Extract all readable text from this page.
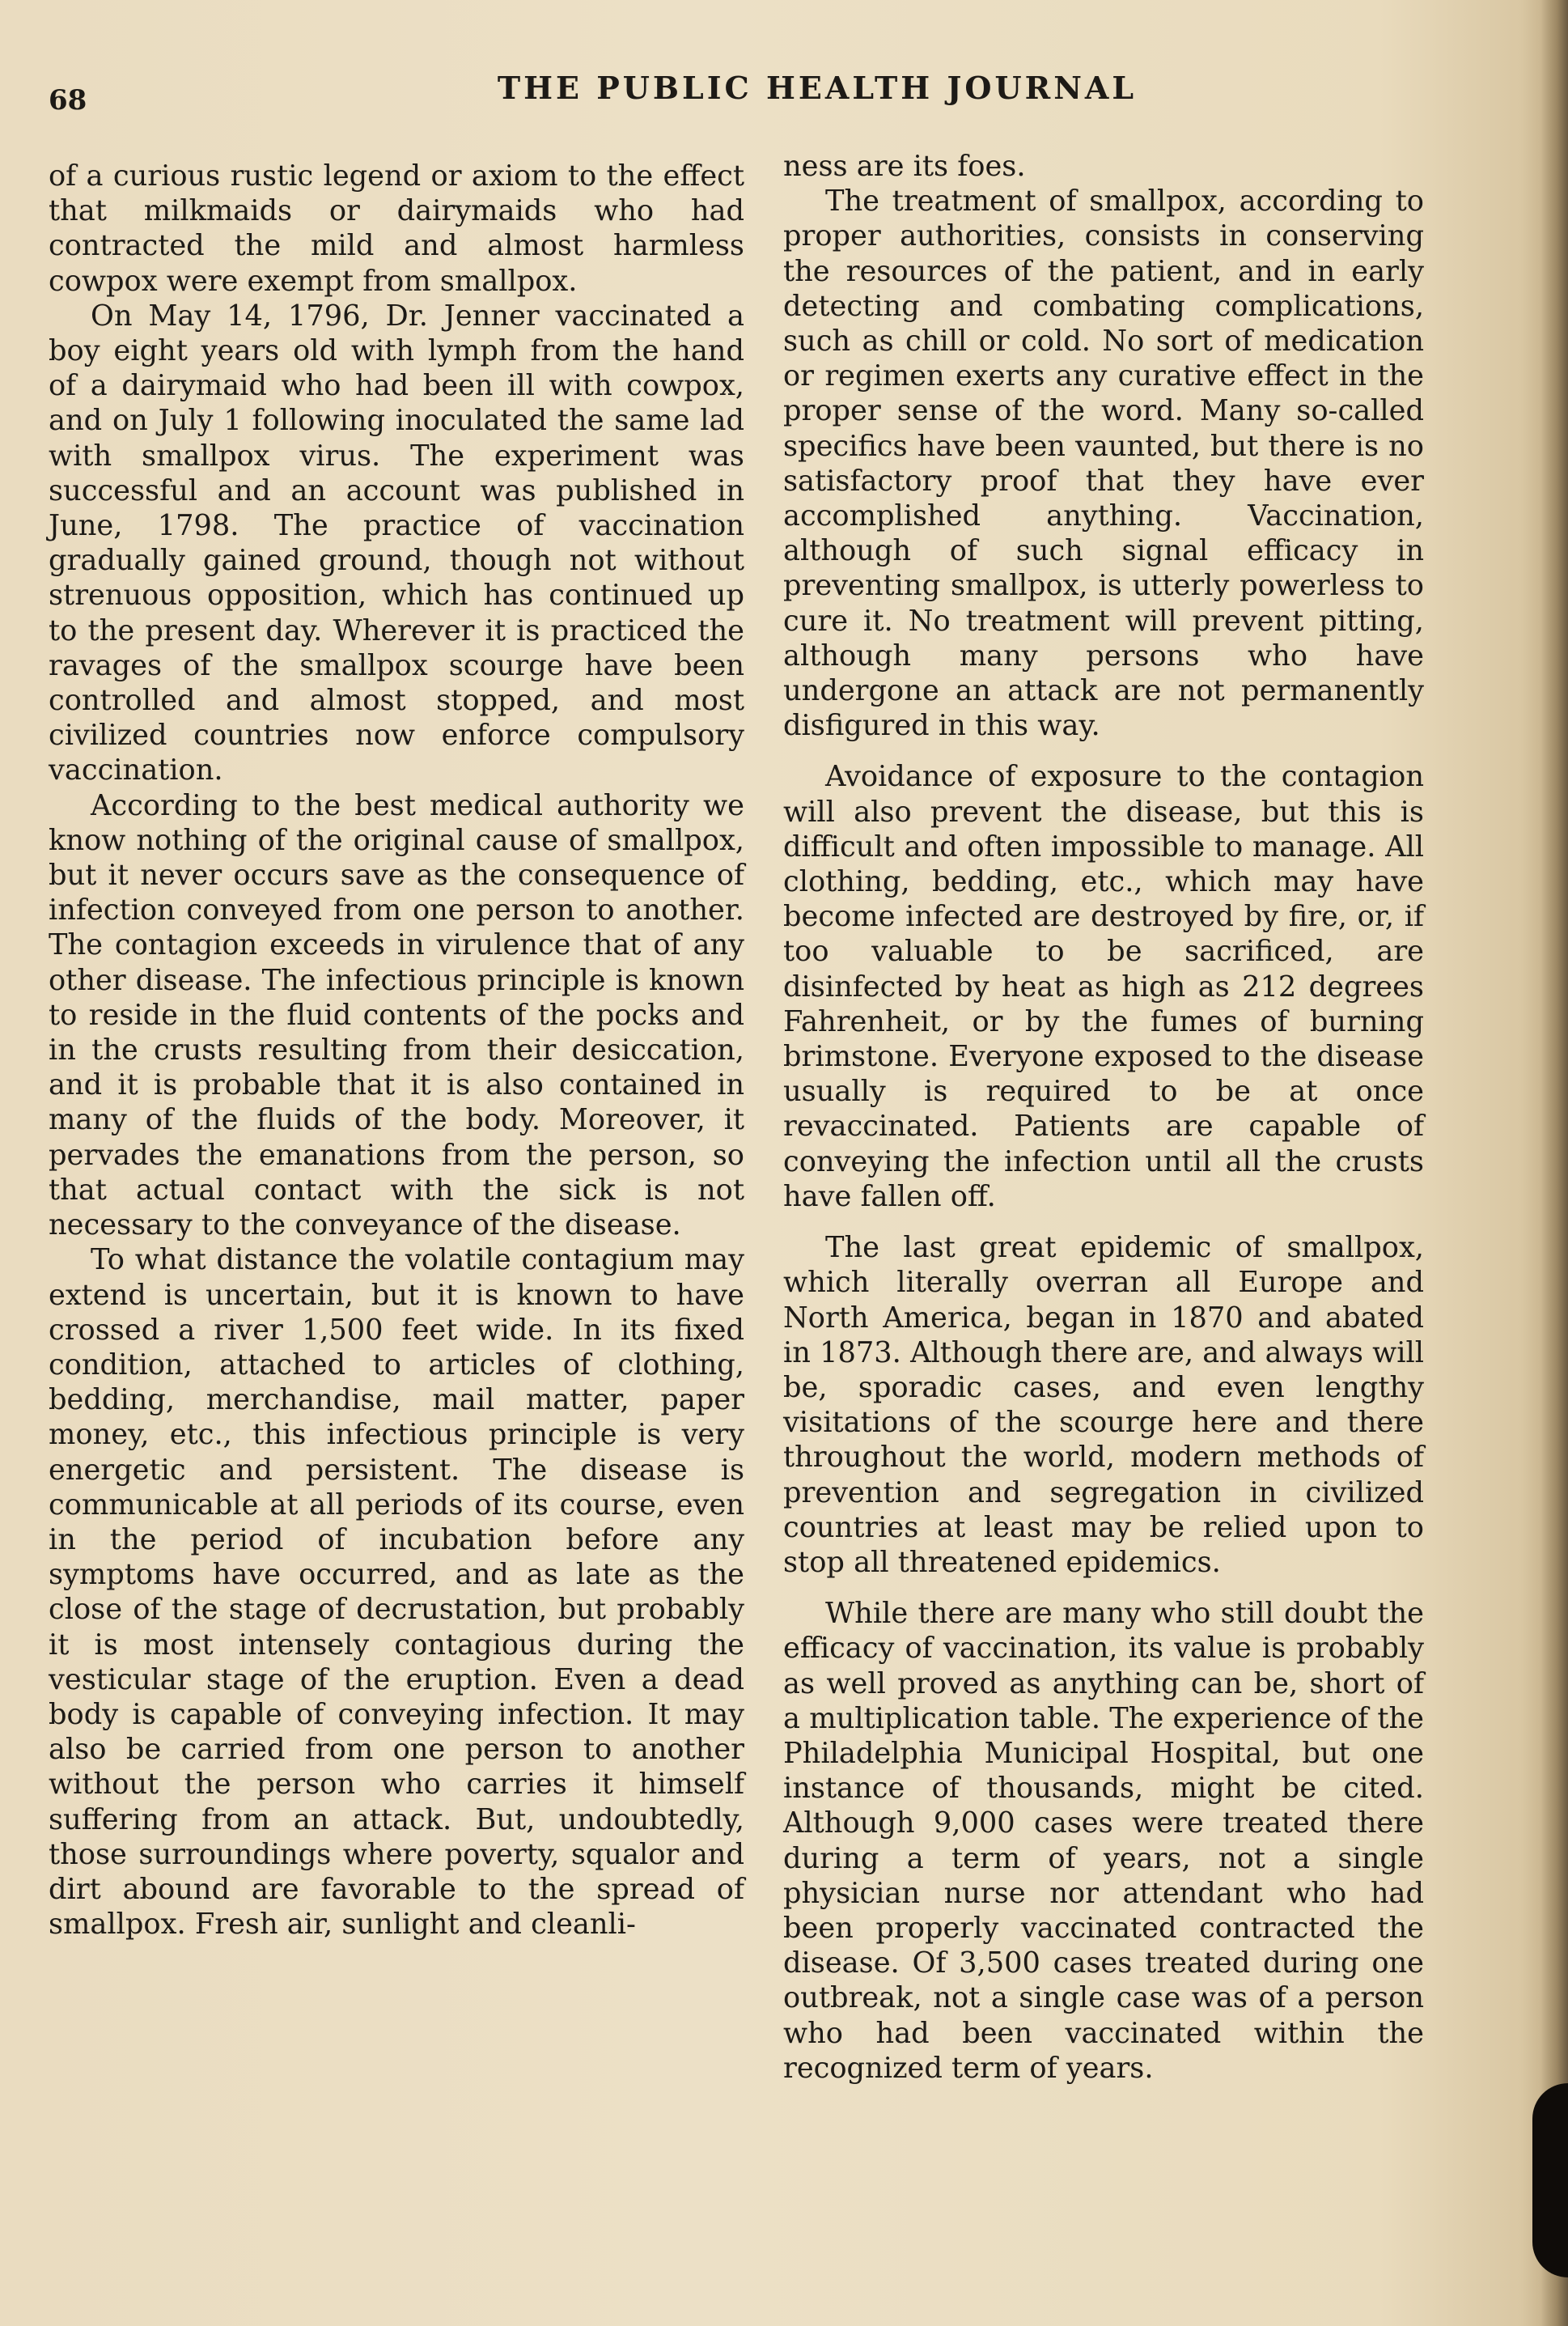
68	THE PUBLIC HEALTH JOURNAL

of a curious rustic legend or axiom to the effect that milkmaids or dairymaids who had contracted the mild and almost harmless cowpox were exempt from smallpox.

On May 14, 1796, Dr. Jenner vaccinated a boy eight years old with lymph from the hand of a dairymaid who had been ill with cowpox, and on July 1 following inoculated the same lad with smallpox virus. The experiment was successful and an account was published in June, 1798. The practice of vaccination gradually gained ground, though not without strenuous opposition, which has continued up to the present day. Wherever it is practiced the ravages of the smallpox scourge have been controlled and almost stopped, and most civilized countries now enforce compulsory vaccination.

According to the best medical authority we know nothing of the original cause of smallpox, but it never occurs save as the consequence of infection conveyed from one person to another. The contagion exceeds in virulence that of any other disease. The infectious principle is known to reside in the fluid contents of the pocks and in the crusts resulting from their desiccation, and it is probable that it is also contained in many of the fluids of the body. Moreover, it pervades the emanations from the person, so that actual contact with the sick is not necessary to the conveyance of the disease.

To what distance the volatile contagium may extend is uncertain, but it is known to have crossed a river 1,500 feet wide. In its fixed condition, attached to articles of clothing, bedding, merchandise, mail matter, paper money, etc., this infectious principle is very energetic and persistent. The disease is communicable at all periods of its course, even in the period of incubation before any symptoms have occurred, and as late as the close of the stage of decrustation, but probably it is most intensely contagious during the vesticular stage of the eruption. Even a dead body is capable of conveying infection. It may also be carried from one person to another without the person who carries it himself suffering from an attack. But, undoubtedly, those surroundings where poverty, squalor and dirt abound are favorable to the spread of smallpox. Fresh air, sunlight and cleanli-

ness are its foes.

The treatment of smallpox, according to proper authorities, consists in conserving the resources of the patient, and in early detecting and combating complications, such as chill or cold. No sort of medication or regimen exerts any curative effect in the proper sense of the word. Many so-called specifics have been vaunted, but there is no satisfactory proof that they have ever accomplished anything. Vaccination, although of such signal efficacy in preventing smallpox, is utterly powerless to cure it. No treatment will prevent pitting, although many persons who have undergone an attack are not permanently disfigured in this way.

Avoidance of exposure to the contagion will also prevent the disease, but this is difficult and often impossible to manage. All clothing, bedding, etc., which may have become infected are destroyed by fire, or, if too valuable to be sacrificed, are disinfected by heat as high as 212 degrees Fahrenheit, or by the fumes of burning brimstone. Everyone exposed to the disease usually is required to be at once revaccinated. Patients are capable of conveying the infection until all the crusts have fallen off.

The last great epidemic of smallpox, which literally overran all Europe and North America, began in 1870 and abated in 1873. Although there are, and always will be, sporadic cases, and even lengthy visitations of the scourge here and there throughout the world, modern methods of prevention and segregation in civilized countries at least may be relied upon to stop all threatened epidemics.

While there are many who still doubt the efficacy of vaccination, its value is probably as well proved as anything can be, short of a multiplication table. The experience of the Philadelphia Municipal Hospital, but one instance of thousands, might be cited. Although 9,000 cases were treated there during a term of years, not a single physician nurse nor attendant who had been properly vaccinated contracted the disease. Of 3,500 cases treated during one outbreak, not a single case was of a person who had been vaccinated within the recognized term of years.
